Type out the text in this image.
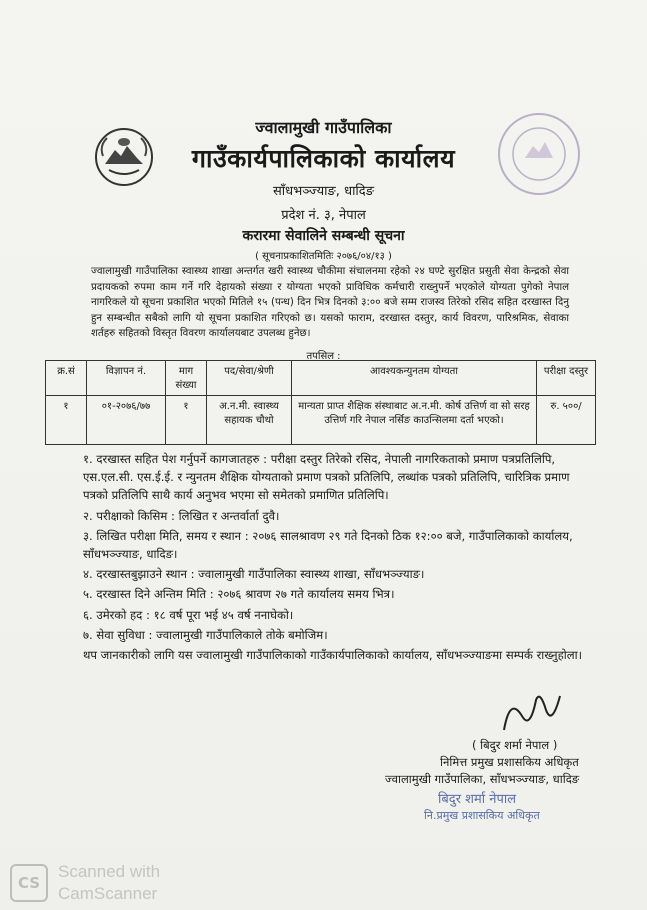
ज्वालामुखी गाउँपालिका
गाउँकार्यपालिकाको कार्यालय
साँधभञ्ज्याङ, धादिङ
प्रदेश नं. ३, नेपाल
करारमा सेवालिने सम्बन्धी सूचना
( सूचनाप्रकाशितमितिः २०७६/०४/१३ )
ज्वालामुखी गाउँपालिका स्वास्थ्य शाखा अन्तर्गत खरी स्वास्थ्य चौकीमा संचालनमा रहेको २४ घण्टे सुरक्षित प्रसुती सेवा केन्द्रको सेवा प्रदायकको रुपमा काम गर्ने गरि देहायको संख्या र योग्यता भएको प्राविधिक कर्मचारी राख्नुपर्ने भएकोले योग्यता पुगेको नेपाल नागरिकले यो सूचना प्रकाशित भएको मितिले १५ (पन्ध) दिन भित्र दिनको ३:०० बजे सम्म राजस्व तिरेको रसिद सहित दरखास्त दिनु हुन सम्बन्धीत सबैको लागि यो सूचना प्रकाशित गरिएको छ। यसको फाराम, दरखास्त दस्तुर, कार्य विवरण, पारिश्रमिक, सेवाका शर्तहरु सहितको विस्तृत विवरण कार्यालयबाट उपलब्ध हुनेछ।
तपसिल :
क्र.सं	विज्ञापन नं.	माग संख्या	पद/सेवा/श्रेणी	आवश्यकन्युनतम योग्यता	परीक्षा दस्तुर
१	०१-२०७६/७७	१	अ.न.मी. स्वास्थ्य सहायक चौथो	मान्यता प्राप्त शैक्षिक संस्थाबाट अ.न.मी. कोर्ष उत्तिर्ण वा सो सरह उत्तिर्ण गरि नेपाल नर्सिङ काउन्सिलमा दर्ता भएको।	रु. ५००/

१. दरखास्त सहित पेश गर्नुपर्ने कागजातहरु : परीक्षा दस्तुर तिरेको रसिद, नेपाली नागरिकताको प्रमाण पत्रप्रतिलिपि, एस.एल.सी. एस.ई.ई. र न्युनतम शैक्षिक योग्यताको प्रमाण पत्रको प्रतिलिपि, लब्धांक पत्रको प्रतिलिपि, चारित्रिक प्रमाण पत्रको प्रतिलिपि साथै कार्य अनुभव भएमा सो समेतको प्रमाणित प्रतिलिपि।

२. परीक्षाको किसिम : लिखित र अन्तर्वार्ता दुवै।

३. लिखित परीक्षा मिति, समय र स्थान : २०७६ सालश्रावण २९ गते दिनको ठिक १२:०० बजे, गाउँपालिकाको कार्यालय, साँधभञ्ज्याङ, धादिङ।

४. दरखास्तबुझाउने स्थान : ज्वालामुखी गाउँपालिका स्वास्थ्य शाखा, साँधभञ्ज्याङ।

५. दरखास्त दिने अन्तिम मिति : २०७६ श्रावण २७ गते कार्यालय समय भित्र।

६. उमेरको हद : १८ वर्ष पूरा भई ४५ वर्ष ननाघेको।

७. सेवा सुविधा : ज्वालामुखी गाउँपालिकाले तोके बमोजिम।

थप जानकारीको लागि यस ज्वालामुखी गाउँपालिकाको गाउँकार्यपालिकाको कार्यालय, साँधभञ्ज्याङमा सम्पर्क राख्नुहोला।

( बिदुर शर्मा नेपाल )
निमित्त प्रमुख प्रशासकिय अधिकृत
ज्वालामुखी गाउँपालिका, साँधभञ्ज्याङ, धादिङ
बिदुर शर्मा नेपाल
नि.प्रमुख प्रशासकिय अधिकृत
CS
Scanned with
CamScanner
